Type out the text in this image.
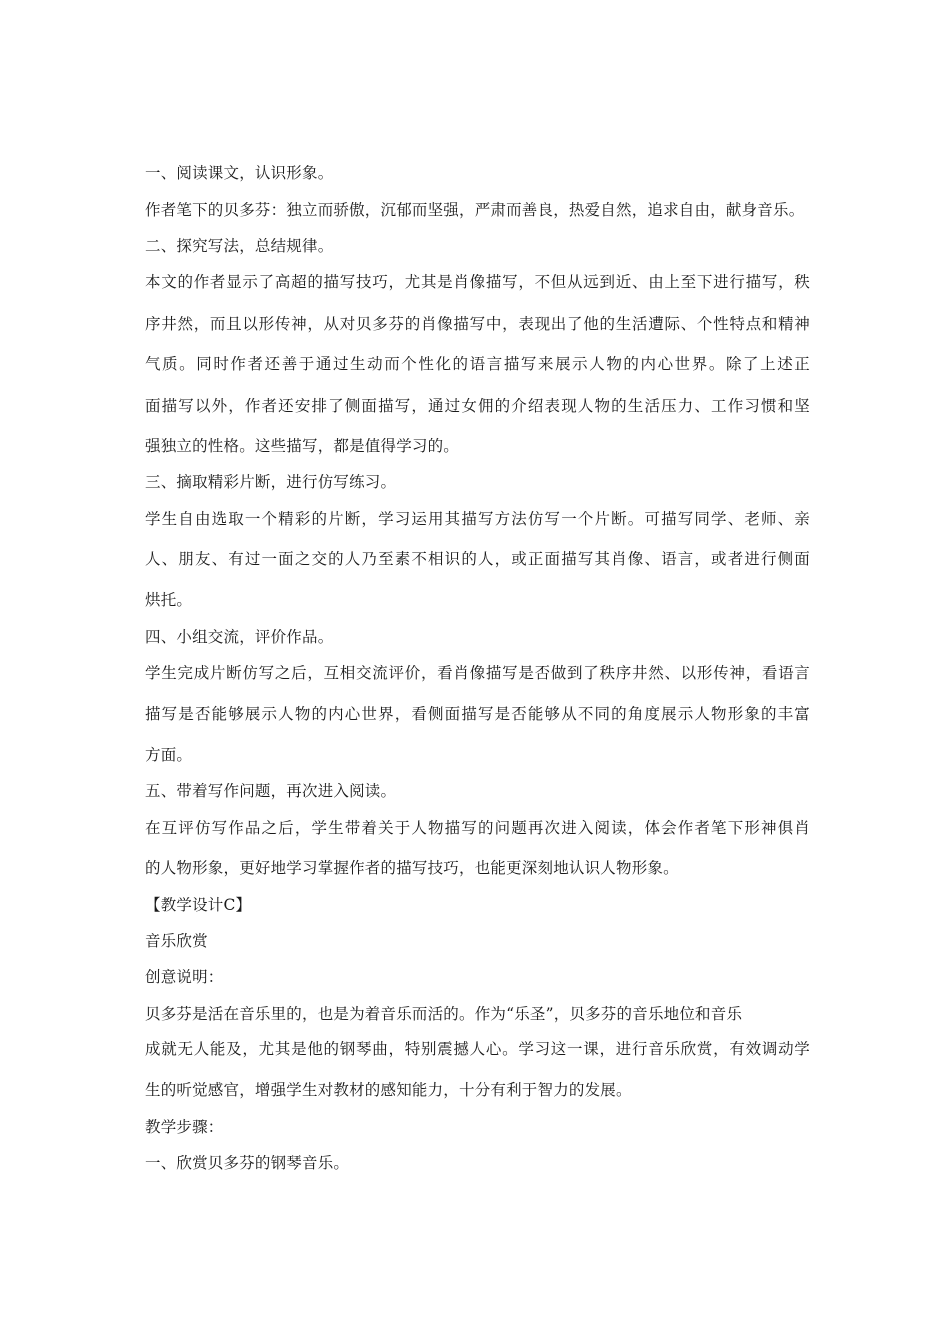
一、阅读课文，认识形象。
作者笔下的贝多芬：独立而骄傲，沉郁而坚强，严肃而善良，热爱自然，追求自由，献身音乐。
二、探究写法，总结规律。
本文的作者显示了高超的描写技巧，尤其是肖像描写，不但从远到近、由上至下进行描写，秩
序井然，而且以形传神，从对贝多芬的肖像描写中，表现出了他的生活遭际、个性特点和精神
气质。同时作者还善于通过生动而个性化的语言描写来展示人物的内心世界。除了上述正
面描写以外，作者还安排了侧面描写，通过女佣的介绍表现人物的生活压力、工作习惯和坚
强独立的性格。这些描写，都是值得学习的。
三、摘取精彩片断，进行仿写练习。
学生自由选取一个精彩的片断，学习运用其描写方法仿写一个片断。可描写同学、老师、亲
人、朋友、有过一面之交的人乃至素不相识的人，或正面描写其肖像、语言，或者进行侧面
烘托。
四、小组交流，评价作品。
学生完成片断仿写之后，互相交流评价，看肖像描写是否做到了秩序井然、以形传神，看语言
描写是否能够展示人物的内心世界，看侧面描写是否能够从不同的角度展示人物形象的丰富
方面。
五、带着写作问题，再次进入阅读。
在互评仿写作品之后，学生带着关于人物描写的问题再次进入阅读，体会作者笔下形神俱肖
的人物形象，更好地学习掌握作者的描写技巧，也能更深刻地认识人物形象。
【教学设计C】
音乐欣赏
创意说明：
贝多芬是活在音乐里的，也是为着音乐而活的。作为“乐圣”，贝多芬的音乐地位和音乐
成就无人能及，尤其是他的钢琴曲，特别震撼人心。学习这一课，进行音乐欣赏，有效调动学
生的听觉感官，增强学生对教材的感知能力，十分有利于智力的发展。
教学步骤：
一、欣赏贝多芬的钢琴音乐。
